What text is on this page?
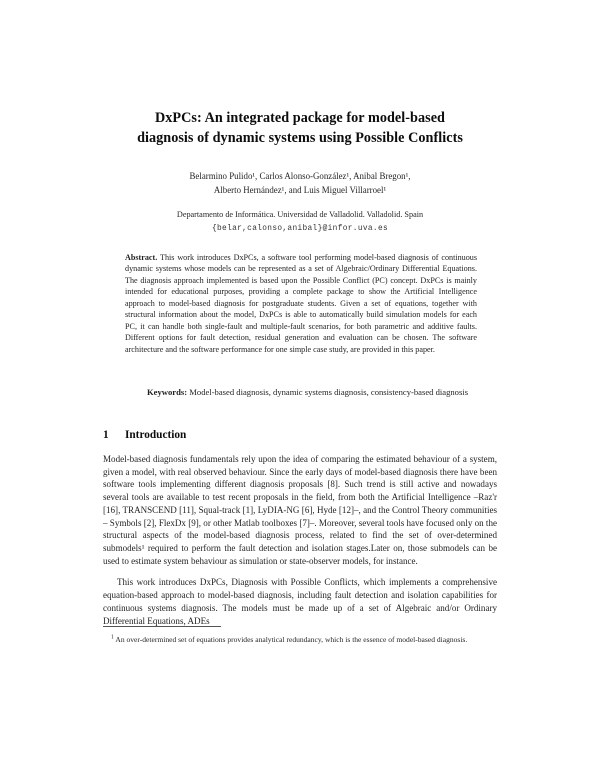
DxPCs: An integrated package for model-based
diagnosis of dynamic systems using Possible Conflicts
Belarmino Pulido¹, Carlos Alonso-González¹, Anibal Bregon¹,
Alberto Hernández¹, and Luis Miguel Villarroel¹
Departamento de Informática. Universidad de Valladolid. Valladolid. Spain
{belar,calonso,anibal}@infor.uva.es

Abstract. This work introduces DxPCs, a software tool performing model-based diagnosis of continuous dynamic systems whose models can be represented as a set of Algebraic/Ordinary Differential Equations. The diagnosis approach implemented is based upon the Possible Conflict (PC) concept. DxPCs is mainly intended for educational purposes, providing a complete package to show the Artificial Intelligence approach to model-based diagnosis for postgraduate students. Given a set of equations, together with structural information about the model, DxPCs is able to automatically build simulation models for each PC, it can handle both single-fault and multiple-fault scenarios, for both parametric and additive faults. Different options for fault detection, residual generation and evaluation can be chosen. The software architecture and the software performance for one simple case study, are provided in this paper.

Keywords: Model-based diagnosis, dynamic systems diagnosis, consistency-based diagnosis

1 Introduction

Model-based diagnosis fundamentals rely upon the idea of comparing the estimated behaviour of a system, given a model, with real observed behaviour. Since the early days of model-based diagnosis there have been software tools implementing different diagnosis proposals [8]. Such trend is still active and nowadays several tools are available to test recent proposals in the field, from both the Artificial Intelligence –Raz'r [16], TRANSCEND [11], Squal-track [1], LyDIA-NG [6], Hyde [12]–, and the Control Theory communities – Symbols [2], FlexDx [9], or other Matlab toolboxes [7]–. Moreover, several tools have focused only on the structural aspects of the model-based diagnosis process, related to find the set of over-determined submodels¹ required to perform the fault detection and isolation stages.Later on, those submodels can be used to estimate system behaviour as simulation or state-observer models, for instance.

This work introduces DxPCs, Diagnosis with Possible Conflicts, which implements a comprehensive equation-based approach to model-based diagnosis, including fault detection and isolation capabilities for continuous systems diagnosis. The models must be made up of a set of Algebraic and/or Ordinary Differential Equations, ADEs

$^1$ An over-determined set of equations provides analytical redundancy, which is the essence of model-based diagnosis.
